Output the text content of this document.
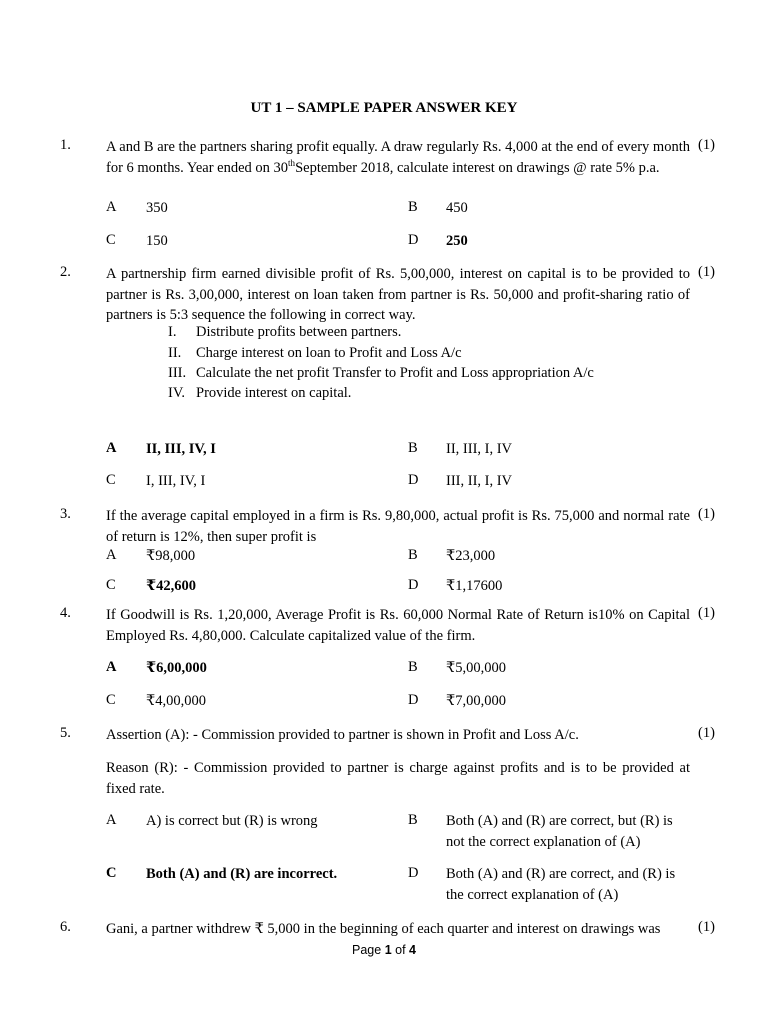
UT 1 – SAMPLE PAPER ANSWER KEY
1. A and B are the partners sharing profit equally. A draw regularly Rs. 4,000 at the end of every month for 6 months. Year ended on 30thSeptember 2018, calculate interest on drawings @ rate 5% p.a.
(1)
A 350	B 450
C 150	D 250
2. A partnership firm earned divisible profit of Rs. 5,00,000, interest on capital is to be provided to partner is Rs. 3,00,000, interest on loan taken from partner is Rs. 50,000 and profit-sharing ratio of partners is 5:3 sequence the following in correct way.
(1)
I. Distribute profits between partners.
II. Charge interest on loan to Profit and Loss A/c
III. Calculate the net profit Transfer to Profit and Loss appropriation A/c
IV. Provide interest on capital.
A II, III, IV, I	B II, III, I, IV
C I, III, IV, I	D III, II, I, IV
3. If the average capital employed in a firm is Rs. 9,80,000, actual profit is Rs. 75,000 and normal rate of return is 12%, then super profit is
(1)
A ₹98,000	B ₹23,000
C ₹42,600	D ₹1,17600
4. If Goodwill is Rs. 1,20,000, Average Profit is Rs. 60,000 Normal Rate of Return is10% on Capital Employed Rs. 4,80,000. Calculate capitalized value of the firm.
(1)
A ₹6,00,000	B ₹5,00,000
C ₹4,00,000	D ₹7,00,000
5. Assertion (A): - Commission provided to partner is shown in Profit and Loss A/c.	(1)
Reason (R): - Commission provided to partner is charge against profits and is to be provided at fixed rate.
A A) is correct but (R) is wrong	B Both (A) and (R) are correct, but (R) is not the correct explanation of (A)
C Both (A) and (R) are incorrect.	D Both (A) and (R) are correct, and (R) is the correct explanation of (A)
6. Gani, a partner withdrew ₹ 5,000 in the beginning of each quarter and interest on drawings was	(1)
Page 1 of 4
